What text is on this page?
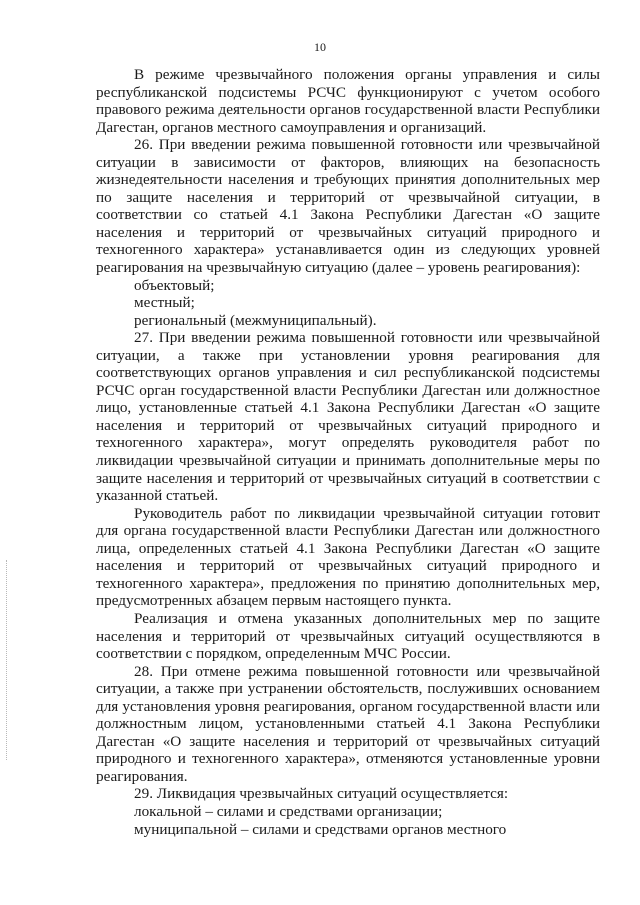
10

В режиме чрезвычайного положения органы управления и силы республиканской подсистемы РСЧС функционируют с учетом особого правового режима деятельности органов государственной власти Республики Дагестан, органов местного самоуправления и организаций.

26. При введении режима повышенной готовности или чрезвычайной ситуации в зависимости от факторов, влияющих на безопасность жизнедеятельности населения и требующих принятия дополнительных мер по защите населения и территорий от чрезвычайной ситуации, в соответствии со статьей 4.1 Закона Республики Дагестан «О защите населения и территорий от чрезвычайных ситуаций природного и техногенного характера» устанавливается один из следующих уровней реагирования на чрезвычайную ситуацию (далее – уровень реагирования):

объектовый;

местный;

региональный (межмуниципальный).

27. При введении режима повышенной готовности или чрезвычайной ситуации, а также при установлении уровня реагирования для соответствующих органов управления и сил республиканской подсистемы РСЧС орган государственной власти Республики Дагестан или должностное лицо, установленные статьей 4.1 Закона Республики Дагестан «О защите населения и территорий от чрезвычайных ситуаций природного и техногенного характера», могут определять руководителя работ по ликвидации чрезвычайной ситуации и принимать дополнительные меры по защите населения и территорий от чрезвычайных ситуаций в соответствии с указанной статьей.

Руководитель работ по ликвидации чрезвычайной ситуации готовит для органа государственной власти Республики Дагестан или должностного лица, определенных статьей 4.1 Закона Республики Дагестан «О защите населения и территорий от чрезвычайных ситуаций природного и техногенного характера», предложения по принятию дополнительных мер, предусмотренных абзацем первым настоящего пункта.

Реализация и отмена указанных дополнительных мер по защите населения и территорий от чрезвычайных ситуаций осуществляются в соответствии с порядком, определенным МЧС России.

28. При отмене режима повышенной готовности или чрезвычайной ситуации, а также при устранении обстоятельств, послуживших основанием для установления уровня реагирования, органом государственной власти или должностным лицом, установленными статьей 4.1 Закона Республики Дагестан «О защите населения и территорий от чрезвычайных ситуаций природного и техногенного характера», отменяются установленные уровни реагирования.

29. Ликвидация чрезвычайных ситуаций осуществляется:

локальной – силами и средствами организации;

муниципальной – силами и средствами органов местного
